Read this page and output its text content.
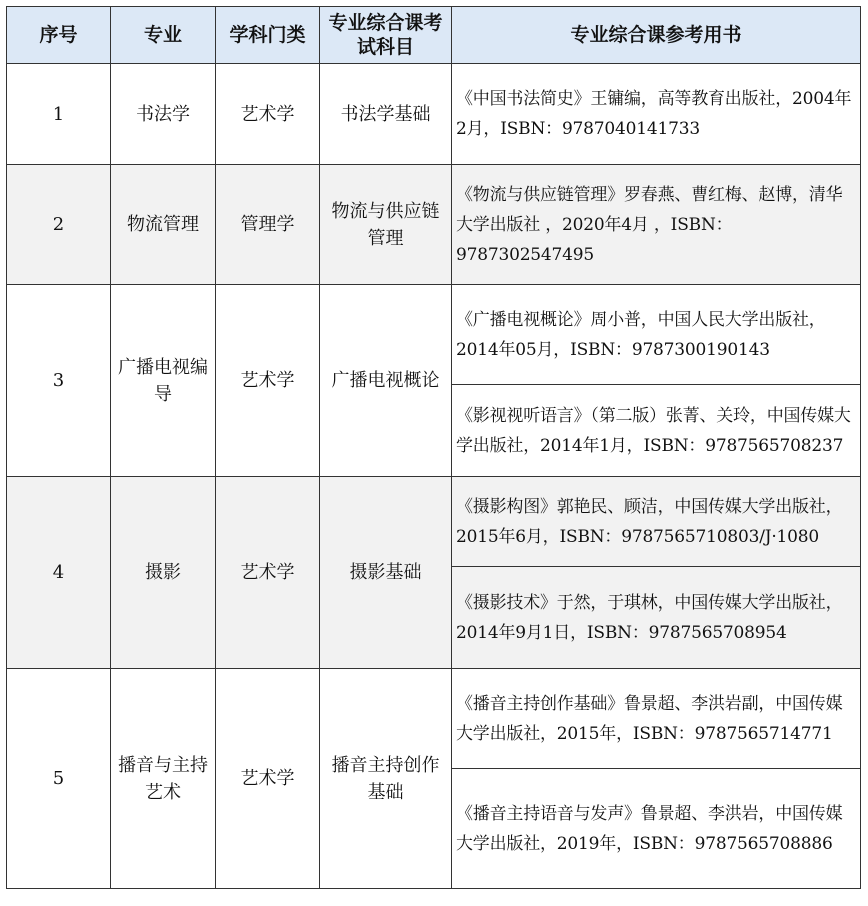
序号	专业	学科门类	专业综合课考试科目	专业综合课参考用书
1	书法学	艺术学	书法学基础	《中国书法简史》王镛编，高等教育出版社，2004年2月，ISBN：9787040141733
2	物流管理	管理学	物流与供应链管理	《物流与供应链管理》罗春燕、曹红梅、赵博，清华大学出版社 ，2020年4月 ，ISBN：9787302547495
3	广播电视编导	艺术学	广播电视概论	《广播电视概论》周小普，中国人民大学出版社，2014年05月，ISBN：9787300190143
				《影视视听语言》（第二版）张菁、关玲，中国传媒大学出版社，2014年1月，ISBN：9787565708237
4	摄影	艺术学	摄影基础	《摄影构图》郭艳民、顾洁，中国传媒大学出版社，2015年6月，ISBN：9787565710803/J·1080
				《摄影技术》于然，于琪林，中国传媒大学出版社，2014年9月1日，ISBN：9787565708954
5	播音与主持艺术	艺术学	播音主持创作基础	《播音主持创作基础》鲁景超、李洪岩副，中国传媒大学出版社，2015年，ISBN：9787565714771
				《播音主持语音与发声》鲁景超、李洪岩，中国传媒大学出版社，2019年，ISBN：9787565708886
